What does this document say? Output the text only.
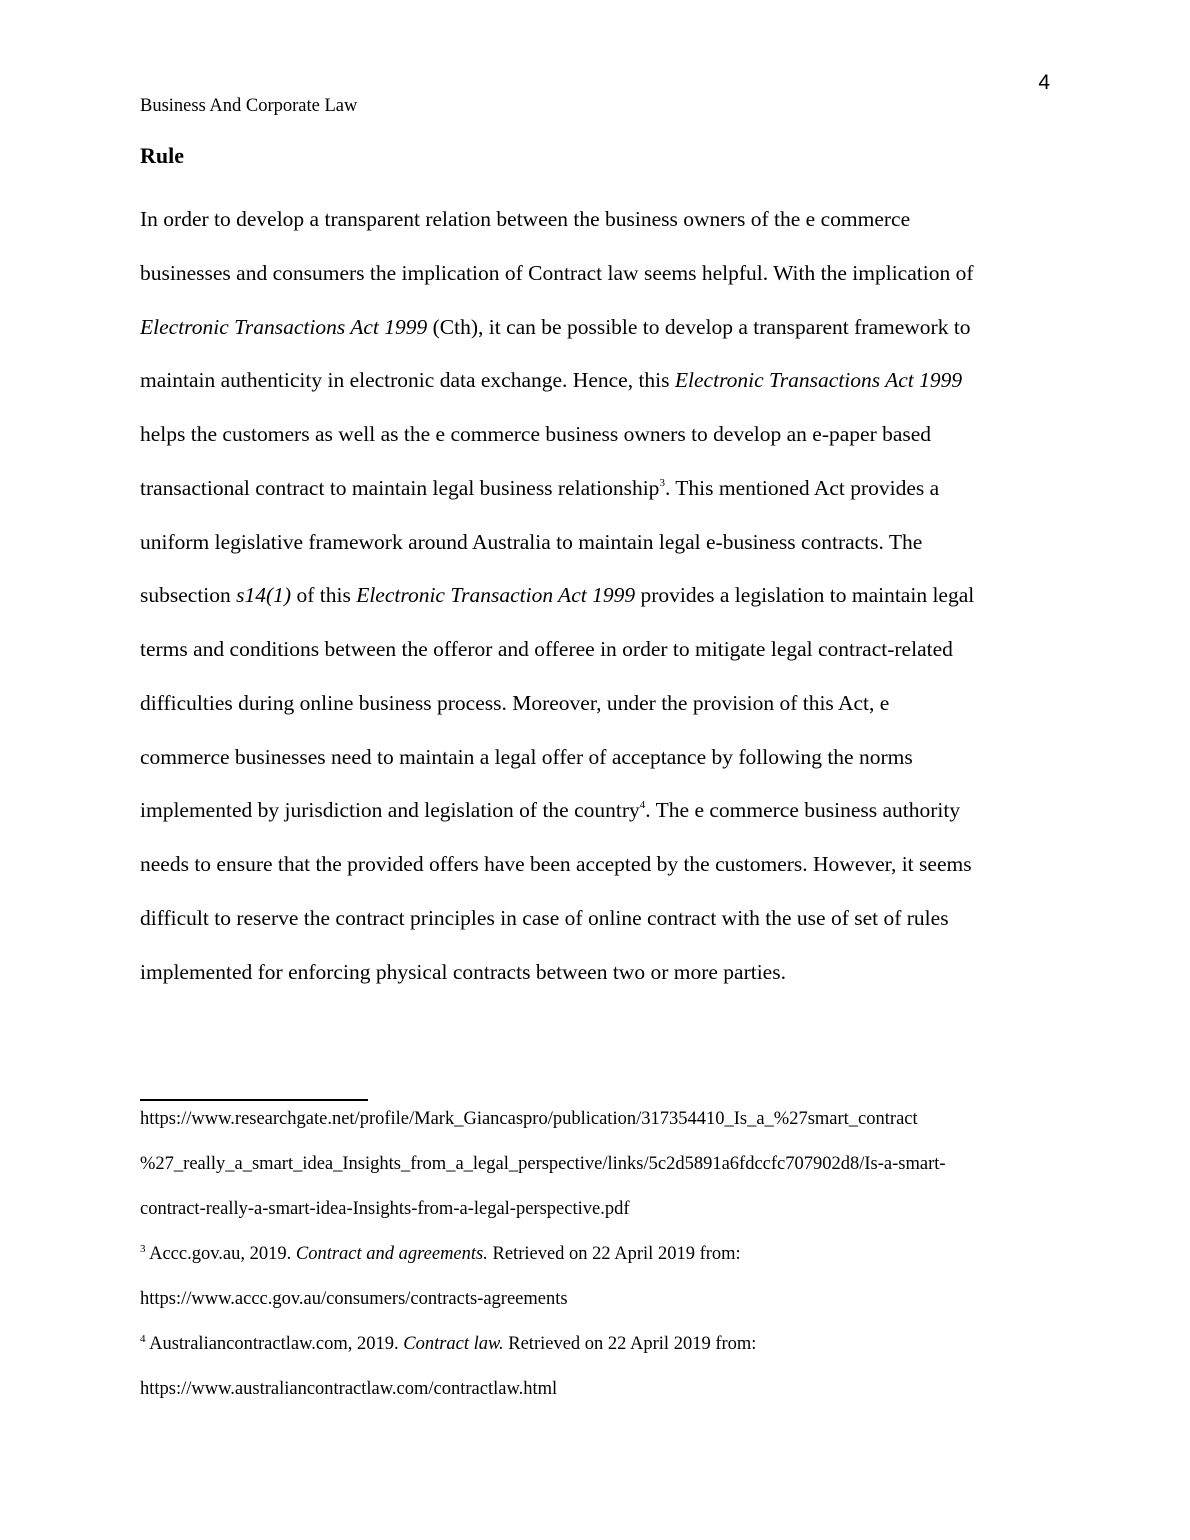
4
Business And Corporate Law
Rule
In order to develop a transparent relation between the business owners of the e commerce
businesses and consumers the implication of Contract law seems helpful. With the implication of
Electronic Transactions Act 1999 (Cth), it can be possible to develop a transparent framework to
maintain authenticity in electronic data exchange. Hence, this Electronic Transactions Act 1999
helps the customers as well as the e commerce business owners to develop an e-paper based
transactional contract to maintain legal business relationship$^3$. This mentioned Act provides a
uniform legislative framework around Australia to maintain legal e-business contracts. The
subsection s14(1) of this Electronic Transaction Act 1999 provides a legislation to maintain legal
terms and conditions between the offeror and offeree in order to mitigate legal contract-related
difficulties during online business process. Moreover, under the provision of this Act, e
commerce businesses need to maintain a legal offer of acceptance by following the norms
implemented by jurisdiction and legislation of the country$^4$. The e commerce business authority
needs to ensure that the provided offers have been accepted by the customers. However, it seems
difficult to reserve the contract principles in case of online contract with the use of set of rules
implemented for enforcing physical contracts between two or more parties.
https://www.researchgate.net/profile/Mark_Giancaspro/publication/317354410_Is_a_%27smart_contract
%27_really_a_smart_idea_Insights_from_a_legal_perspective/links/5c2d5891a6fdccfc707902d8/Is-a-smart-
contract-really-a-smart-idea-Insights-from-a-legal-perspective.pdf
$^3$ Accc.gov.au, 2019. Contract and agreements. Retrieved on 22 April 2019 from:
https://www.accc.gov.au/consumers/contracts-agreements
$^4$ Australiancontractlaw.com, 2019. Contract law. Retrieved on 22 April 2019 from:
https://www.australiancontractlaw.com/contractlaw.html
